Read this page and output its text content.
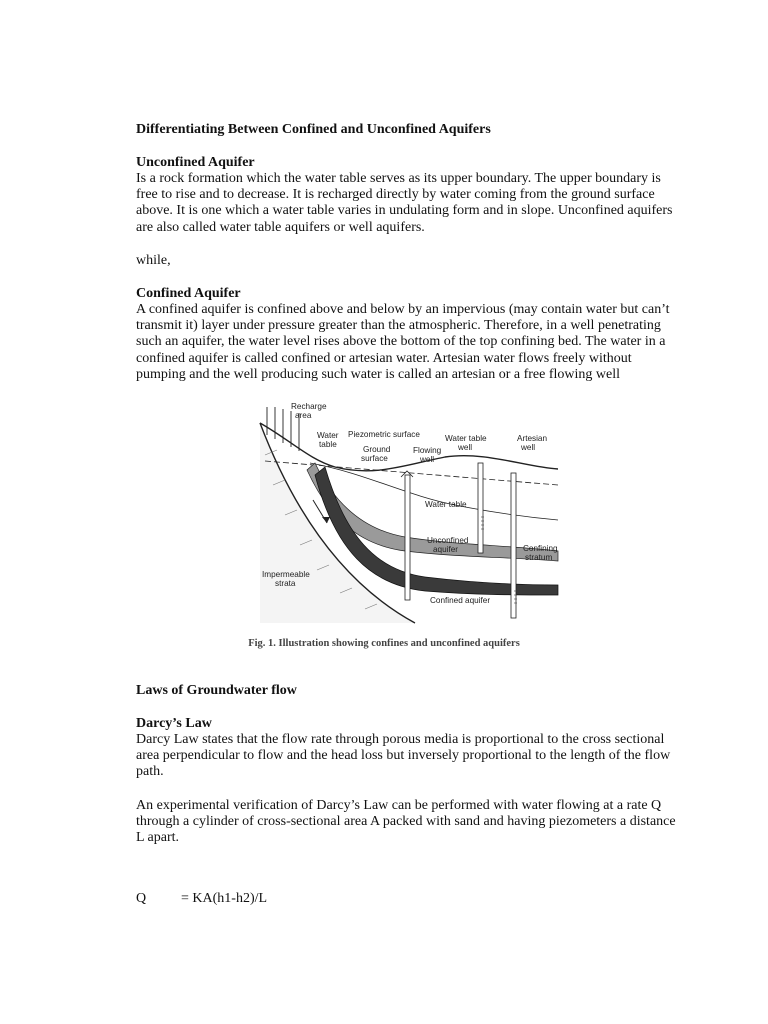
Differentiating Between Confined and Unconfined Aquifers
Unconfined Aquifer
Is a rock formation which the water table serves as its upper boundary. The upper boundary is free to rise and to decrease. It is recharged directly by water coming from the ground surface above. It is one which a water table varies in undulating form and in slope. Unconfined aquifers are also called water table aquifers or well aquifers.
while,
Confined Aquifer
A confined aquifer is confined above and below by an impervious (may contain water but can’t transmit it) layer under pressure greater than the atmospheric. Therefore, in a well penetrating such an aquifer, the water level rises above the bottom of the top confining bed. The water in a confined aquifer is called confined or artesian water. Artesian water flows freely without pumping and the well producing such water is called an artesian or a free flowing well
Recharge
area
Water
table
Piezometric surface
Ground
surface
Flowing
well
Water table
well
Artesian
well
Water table
Unconfined
aquifer	Confining
stratum
Impermeable
strata
Confined aquifer
Fig. 1. Illustration showing confines and unconfined aquifers
Laws of Groundwater flow
Darcy’s Law
Darcy Law states that the flow rate through porous media is proportional to the cross sectional area perpendicular to flow and the head loss but inversely proportional to the length of the flow path.
An experimental verification of Darcy’s Law can be performed with water flowing at a rate Q through a cylinder of cross-sectional area A packed with sand and having piezometers a distance L apart.
Q = KA(h1-h2)/L
